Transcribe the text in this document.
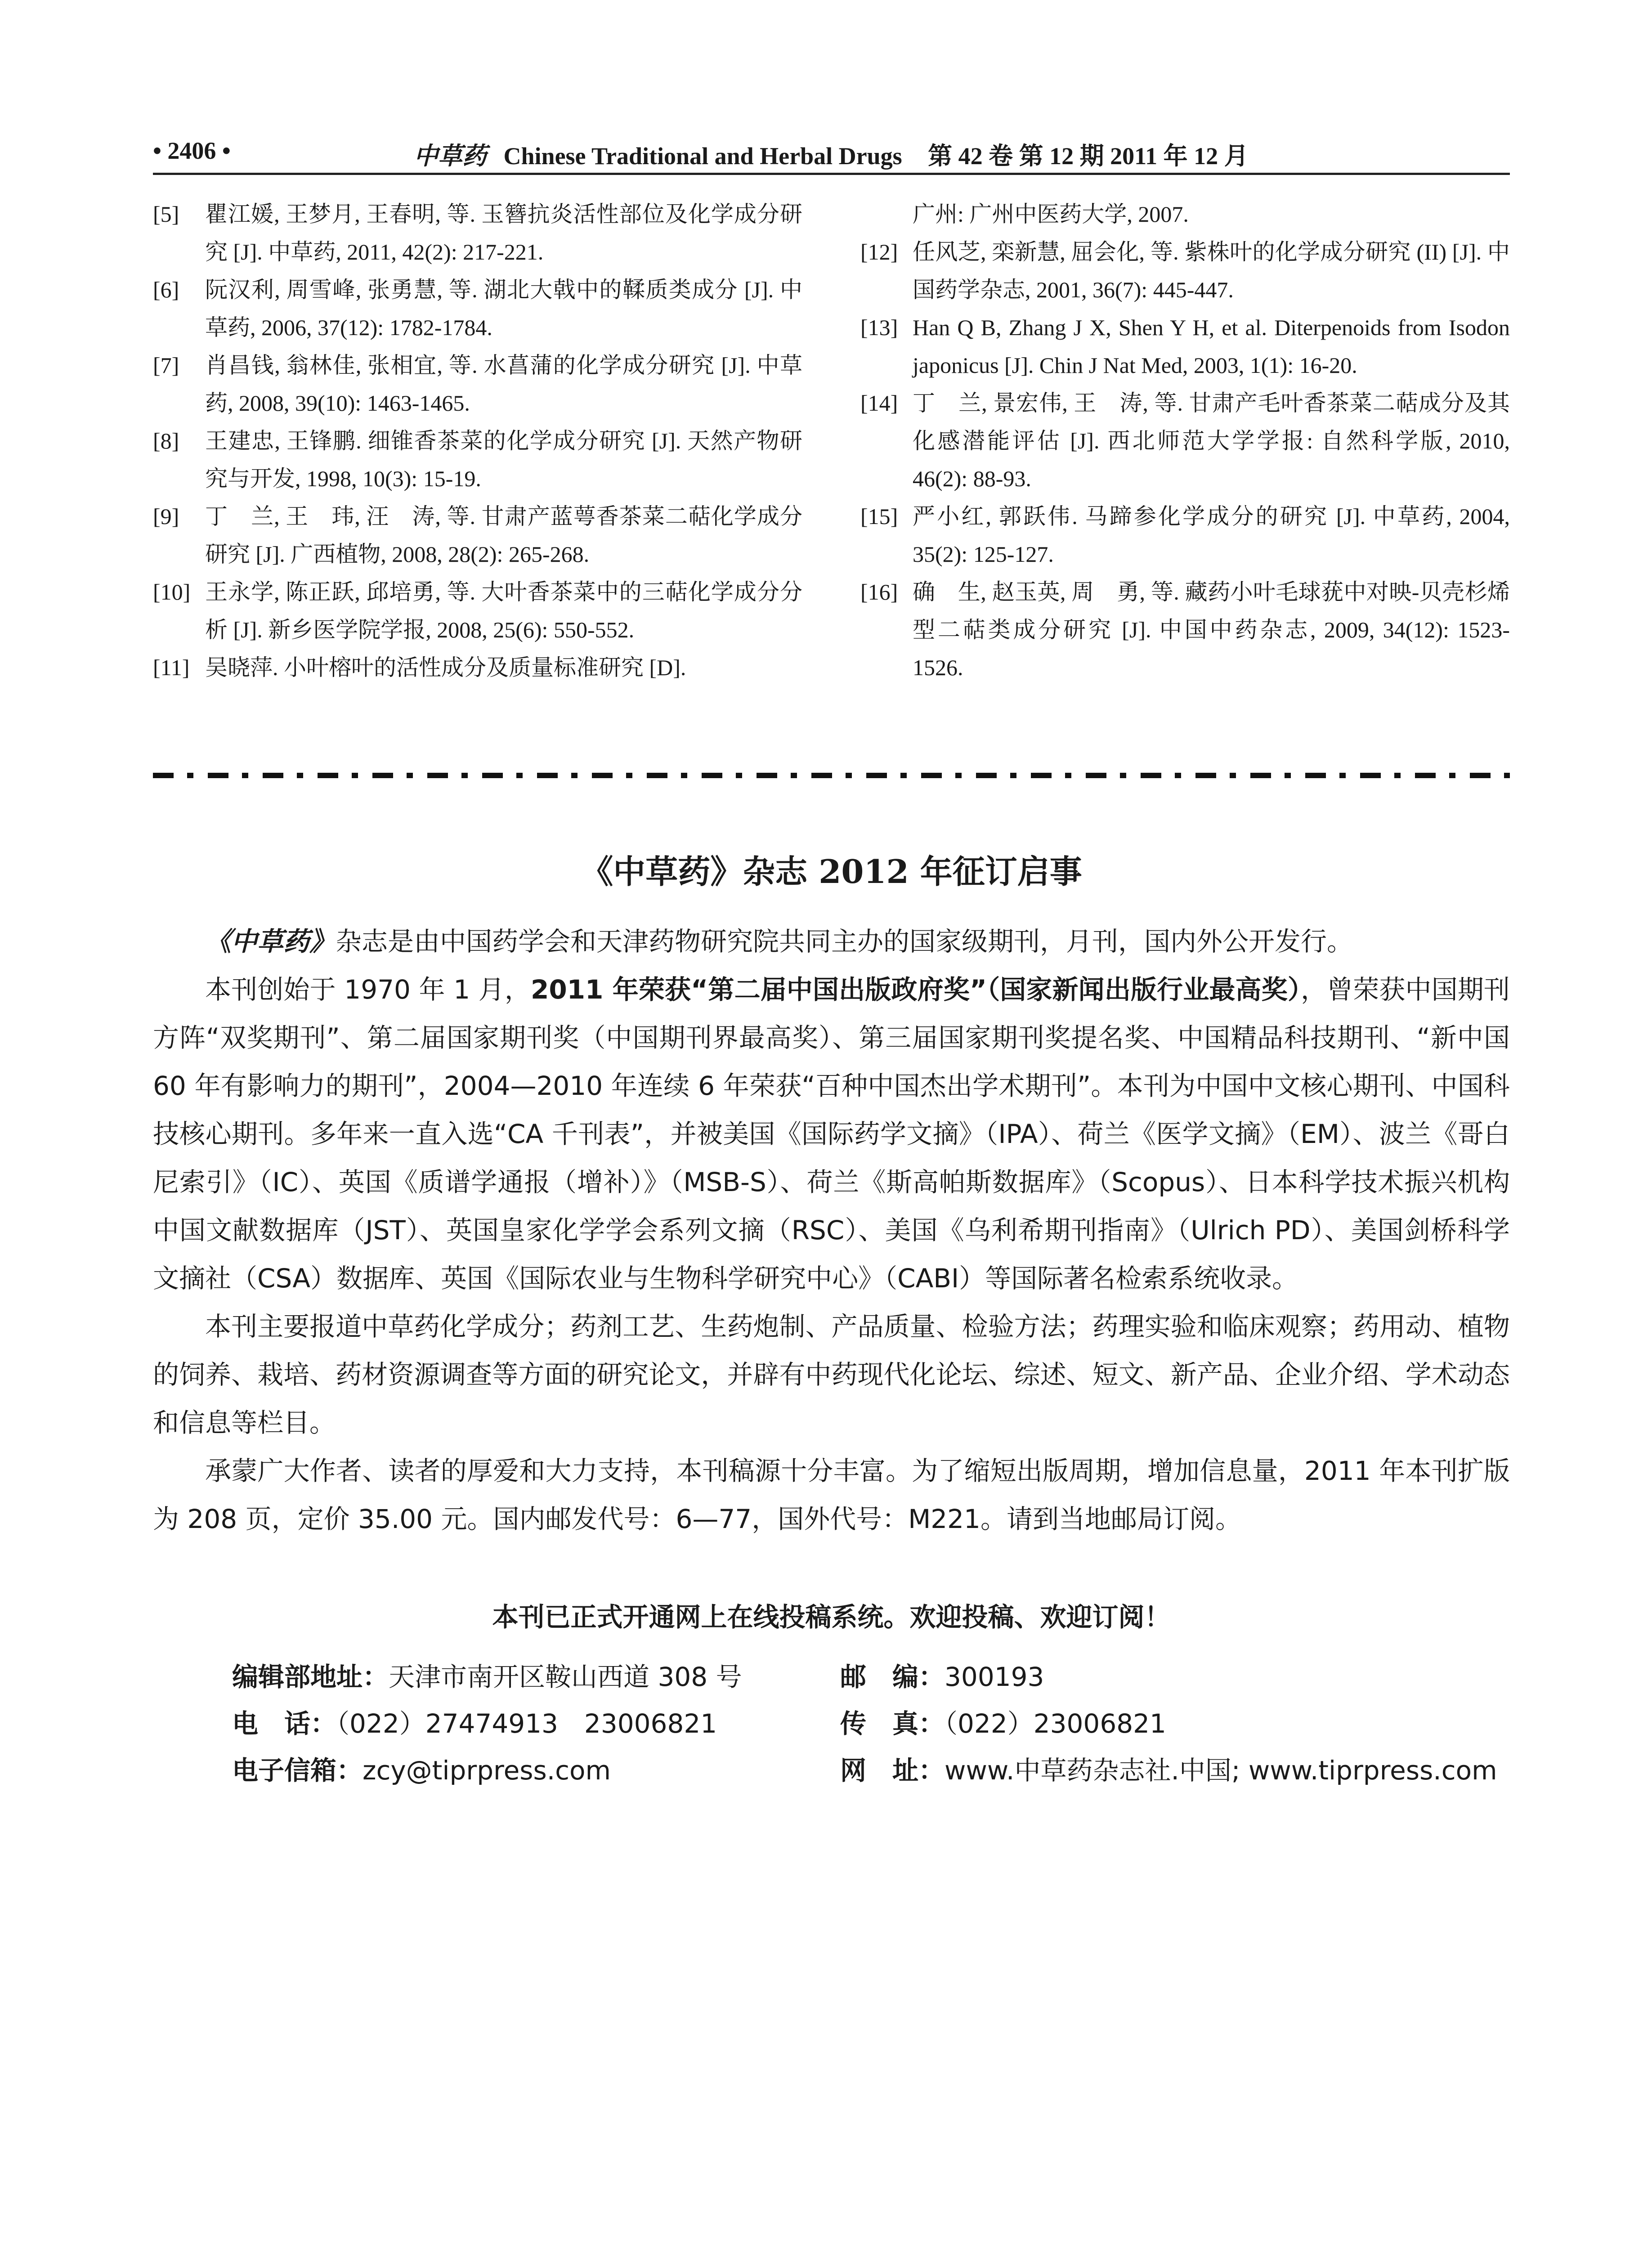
• 2406 •	中草药 Chinese Traditional and Herbal Drugs 第 42 卷 第 12 期 2011 年 12 月
[5] 瞿江媛, 王梦月, 王春明, 等. 玉簪抗炎活性部位及化学成分研究 [J]. 中草药, 2011, 42(2): 217-221.
[6] 阮汉利, 周雪峰, 张勇慧, 等. 湖北大戟中的鞣质类成分 [J]. 中草药, 2006, 37(12): 1782-1784.
[7] 肖昌钱, 翁林佳, 张相宜, 等. 水菖蒲的化学成分研究 [J]. 中草药, 2008, 39(10): 1463-1465.
[8] 王建忠, 王锋鹏. 细锥香茶菜的化学成分研究 [J]. 天然产物研究与开发, 1998, 10(3): 15-19.
[9] 丁　兰, 王　玮, 汪　涛, 等. 甘肃产蓝萼香茶菜二萜化学成分研究 [J]. 广西植物, 2008, 28(2): 265-268.
[10] 王永学, 陈正跃, 邱培勇, 等. 大叶香茶菜中的三萜化学成分分析 [J]. 新乡医学院学报, 2008, 25(6): 550-552.
[11] 吴晓萍. 小叶榕叶的活性成分及质量标准研究 [D].
广州: 广州中医药大学, 2007.
[12] 任风芝, 栾新慧, 屈会化, 等. 紫株叶的化学成分研究 (II) [J]. 中国药学杂志, 2001, 36(7): 445-447.
[13] Han Q B, Zhang J X, Shen Y H, et al. Diterpenoids from Isodon japonicus [J]. Chin J Nat Med, 2003, 1(1): 16-20.
[14] 丁　兰, 景宏伟, 王　涛, 等. 甘肃产毛叶香茶菜二萜成分及其化感潜能评估 [J]. 西北师范大学学报: 自然科学版, 2010, 46(2): 88-93.
[15] 严小红, 郭跃伟. 马蹄参化学成分的研究 [J]. 中草药, 2004, 35(2): 125-127.
[16] 确　生, 赵玉英, 周　勇, 等. 藏药小叶毛球莸中对映-贝壳杉烯型二萜类成分研究 [J]. 中国中药杂志, 2009, 34(12): 1523-1526.
《中草药》杂志 2012 年征订启事

《中草药》杂志是由中国药学会和天津药物研究院共同主办的国家级期刊，月刊，国内外公开发行。

本刊创始于 1970 年 1 月，2011 年荣获“第二届中国出版政府奖”（国家新闻出版行业最高奖），曾荣获中国期刊方阵“双奖期刊”、第二届国家期刊奖（中国期刊界最高奖）、第三届国家期刊奖提名奖、中国精品科技期刊、“新中国 60 年有影响力的期刊”，2004—2010 年连续 6 年荣获“百种中国杰出学术期刊”。本刊为中国中文核心期刊、中国科技核心期刊。多年来一直入选“CA 千刊表”，并被美国《国际药学文摘》（IPA）、荷兰《医学文摘》（EM）、波兰《哥白尼索引》（IC）、英国《质谱学通报（增补）》（MSB-S）、荷兰《斯高帕斯数据库》（Scopus）、日本科学技术振兴机构中国文献数据库（JST）、英国皇家化学学会系列文摘（RSC）、美国《乌利希期刊指南》（Ulrich PD）、美国剑桥科学文摘社（CSA）数据库、英国《国际农业与生物科学研究中心》（CABI）等国际著名检索系统收录。

本刊主要报道中草药化学成分；药剂工艺、生药炮制、产品质量、检验方法；药理实验和临床观察；药用动、植物的饲养、栽培、药材资源调查等方面的研究论文，并辟有中药现代化论坛、综述、短文、新产品、企业介绍、学术动态和信息等栏目。

承蒙广大作者、读者的厚爱和大力支持，本刊稿源十分丰富。为了缩短出版周期，增加信息量，2011 年本刊扩版为 208 页，定价 35.00 元。国内邮发代号：6—77，国外代号：M221。请到当地邮局订阅。

本刊已正式开通网上在线投稿系统。欢迎投稿、欢迎订阅！
编辑部地址：天津市南开区鞍山西道 308 号	邮　编：300193
电　话：（022）27474913　23006821	传　真：（022）23006821
电子信箱：zcy@tiprpress.com	网　址：www.中草药杂志社.中国; www.tiprpress.com
